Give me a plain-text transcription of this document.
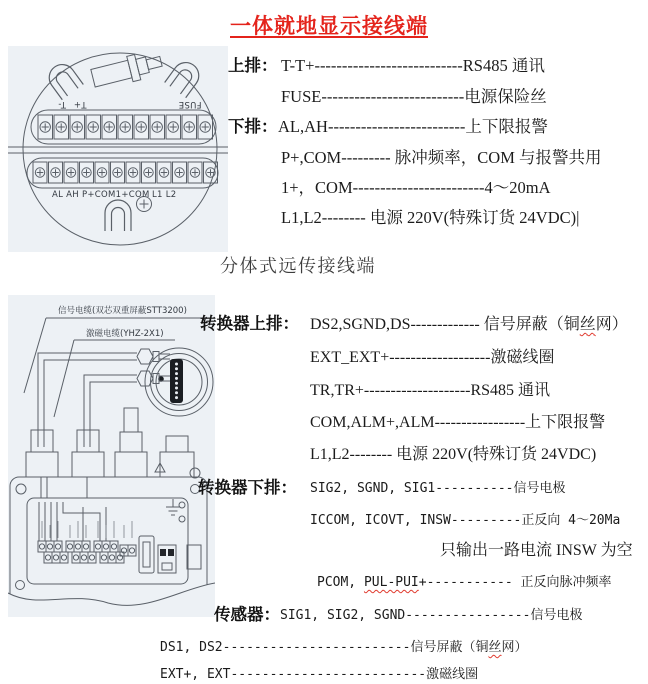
一体就地显示接线端
分体式远传接线端
T- T+	FUSE
AL AH P+COM1+COM L1 L2
上排： T-T+---------------------------RS485 通讯
FUSE--------------------------电源保险丝
下排： AL,AH-------------------------上下限报警
P+,COM--------- 脉冲频率，COM 与报警共用
1+，COM------------------------4～20mA
L1,L2-------- 电源 220V(特殊订货 24VDC)|
信号电缆(双芯双重屏蔽STT3200)
激磁电缆(YHZ-2X1)
转换器上排： DS2,SGND,DS------------- 信号屏蔽（铜丝网）
EXT_EXT+-------------------激磁线圈
TR,TR+--------------------RS485 通讯
COM,ALM+,ALM-----------------上下限报警
L1,L2-------- 电源 220V(特殊订货 24VDC)
转换器下排： SIG2, SGND, SIG1----------信号电极
ICCOM, ICOVT, INSW---------正反向 4～20Ma
只输出一路电流 INSW 为空
PCOM, PUL-PUI+----------- 正反向脉冲频率
传感器： SIG1, SIG2, SGND----------------信号电极
DS1, DS2------------------------信号屏蔽（铜丝网）
EXT+, EXT-------------------------激磁线圈
